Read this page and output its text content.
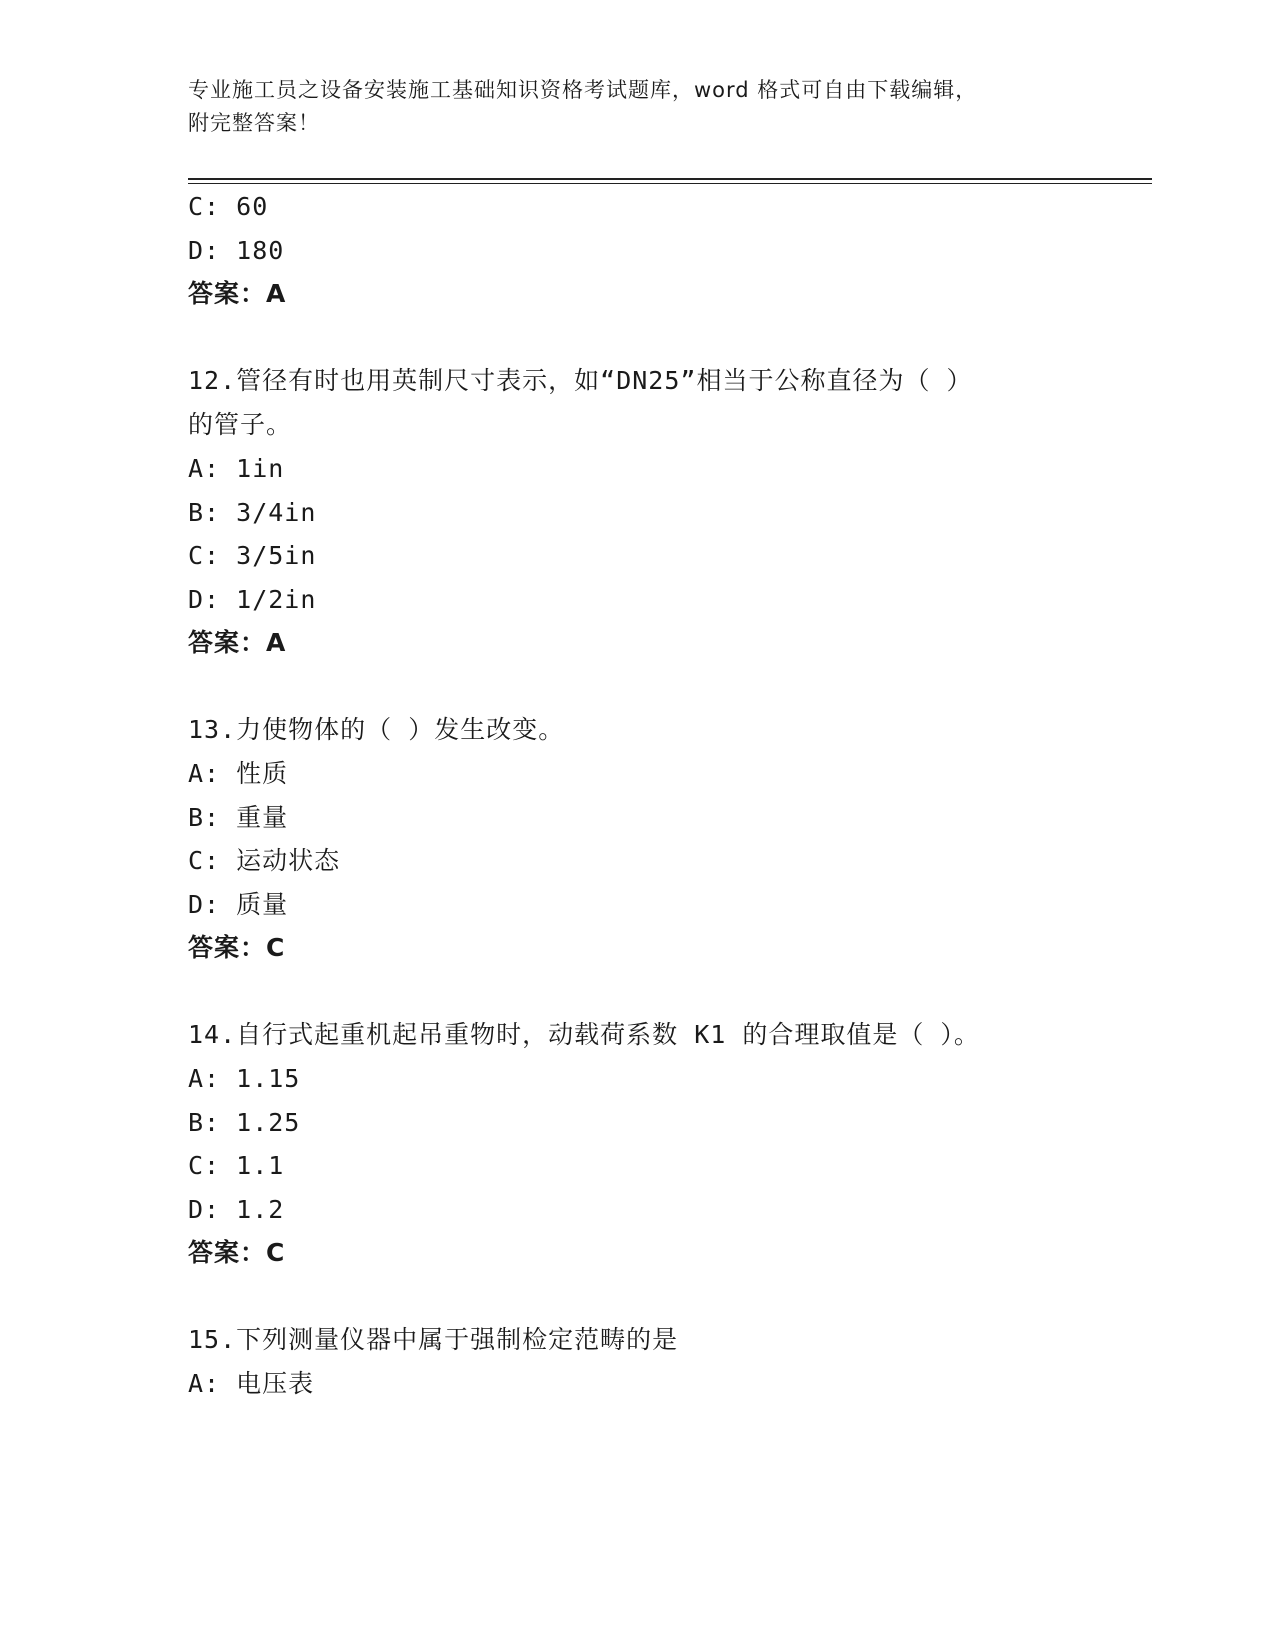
专业施工员之设备安装施工基础知识资格考试题库，word 格式可自由下载编辑，
附完整答案！
C: 60
D: 180
答案：A
12.管径有时也用英制尺寸表示，如“DN25”相当于公称直径为（ ）
的管子。
A: 1in
B: 3/4in
C: 3/5in
D: 1/2in
答案：A
13.力使物体的（ ）发生改变。
A: 性质
B: 重量
C: 运动状态
D: 质量
答案：C
14.自行式起重机起吊重物时，动载荷系数 K1 的合理取值是（ ）。
A: 1.15
B: 1.25
C: 1.1
D: 1.2
答案：C
15.下列测量仪器中属于强制检定范畴的是
A: 电压表
